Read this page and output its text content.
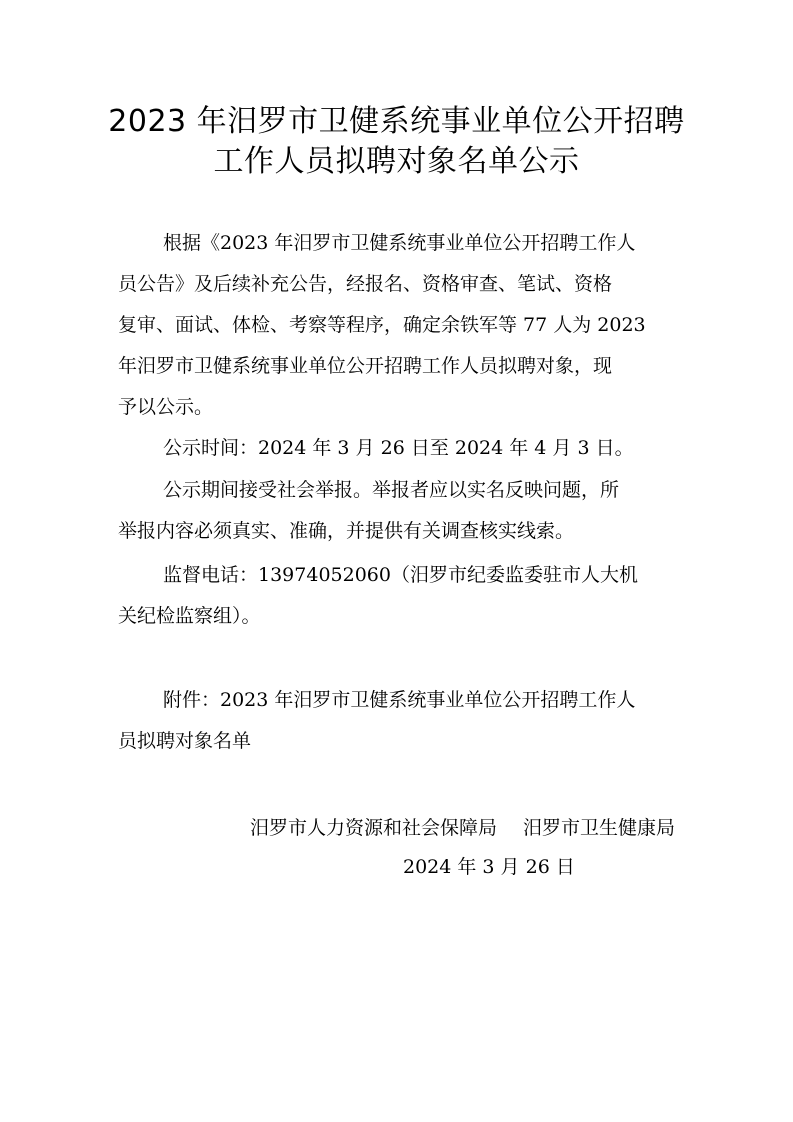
2023 年汨罗市卫健系统事业单位公开招聘
工作人员拟聘对象名单公示

根据《2023 年汨罗市卫健系统事业单位公开招聘工作人

员公告》及后续补充公告，经报名、资格审查、笔试、资格

复审、面试、体检、考察等程序，确定余铁军等 77 人为 2023

年汨罗市卫健系统事业单位公开招聘工作人员拟聘对象，现

予以公示。

公示时间：2024 年 3 月 26 日至 2024 年 4 月 3 日。

公示期间接受社会举报。举报者应以实名反映问题，所

举报内容必须真实、准确，并提供有关调查核实线索。

监督电话：13974052060（汨罗市纪委监委驻市人大机

关纪检监察组）。

附件：2023 年汨罗市卫健系统事业单位公开招聘工作人

员拟聘对象名单

汨罗市人力资源和社会保障局 汨罗市卫生健康局
2024 年 3 月 26 日
